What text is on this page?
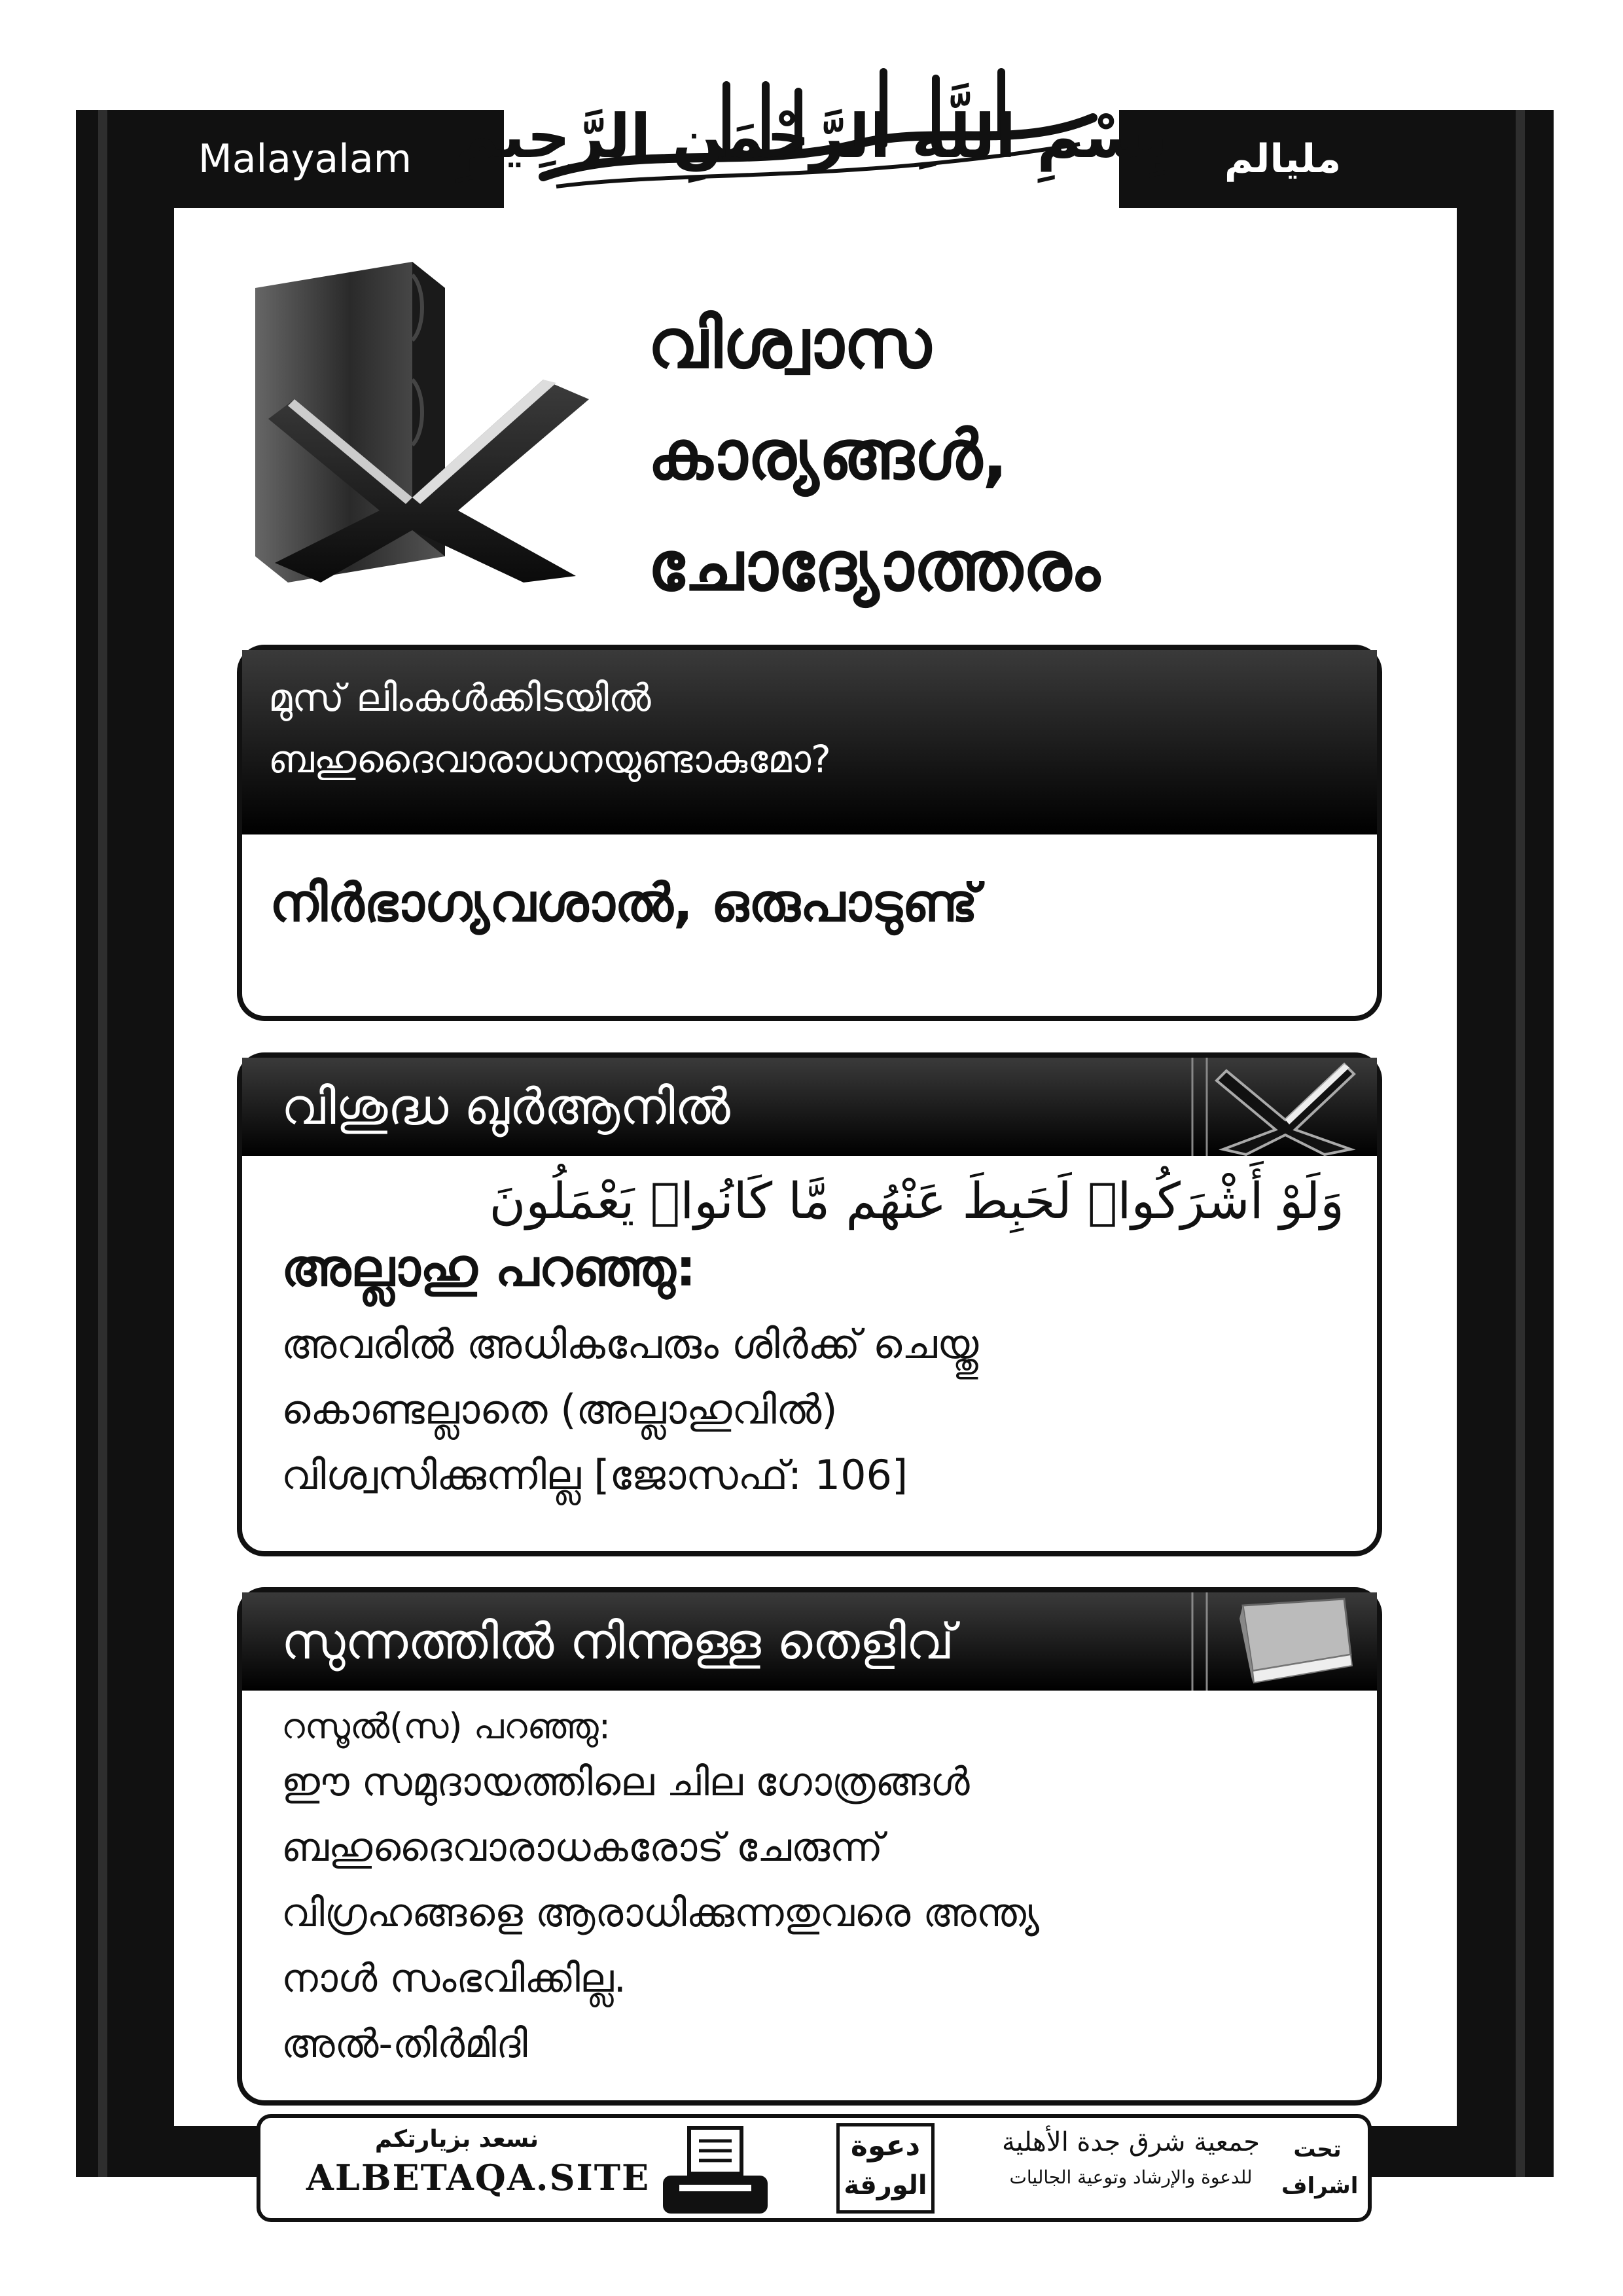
Malayalam	مليالم
بِسْمِ اللَّهِ الرَّحْمَنِ الرَّحِيمِ
വിശ്വാസ
കാര്യങ്ങൾ,
ചോദ്യോത്തരം
മുസ് ലിംകൾക്കിടയിൽ
ബഹുദൈവാരാധനയുണ്ടാകുമോ?
നിർഭാഗ്യവശാൽ, ഒരുപാടുണ്ട്
വിശുദ്ധ ഖുർആനിൽ
وَلَوْ أَشْرَكُوا۟ لَحَبِطَ عَنْهُم مَّا كَانُوا۟ يَعْمَلُونَ
അല്ലാഹു പറഞ്ഞു:
അവരിൽ അധികപേരും ശിർക്ക് ചെയ്തു
കൊണ്ടല്ലാതെ (അല്ലാഹുവിൽ)
വിശ്വസിക്കുന്നില്ല [ജോസഫ്: 106]
സുന്നത്തിൽ നിന്നുള്ള തെളിവ്
റസൂൽ(സ) പറഞ്ഞു:
ഈ സമുദായത്തിലെ ചില ഗോത്രങ്ങൾ
ബഹുദൈവാരാധകരോട് ചേരുന്ന്
വിഗ്രഹങ്ങളെ ആരാധിക്കുന്നതുവരെ അന്ത്യ
നാൾ സംഭവിക്കില്ല.
അൽ-തിർമിദി
نسعد بزيارتكم
ALBETAQA.SITE
دعوة
الورقة
جمعية شرق جدة الأهلية
للدعوة والإرشاد وتوعية الجاليات
تحت
اشراف
